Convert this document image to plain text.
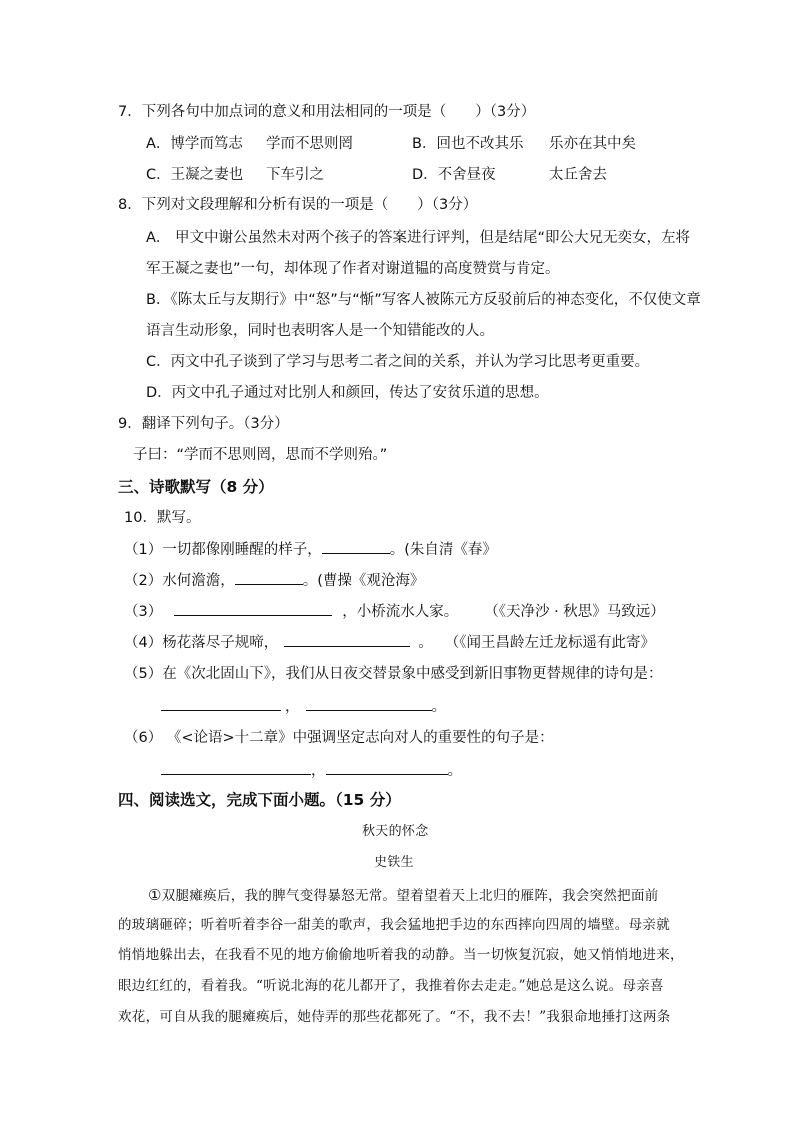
7．下列各句中加点词的意义和用法相同的一项是（　　）（3分）
A．博学而笃志 学而不思则罔	B．回也不改其乐 乐亦在其中矣
C．王凝之妻也 下车引之	D．不舍昼夜	太丘舍去
8．下列对文段理解和分析有误的一项是（　　）（3分）
A． 甲文中谢公虽然未对两个孩子的答案进行评判，但是结尾“即公大兄无奕女，左将
军王凝之妻也”一句，却体现了作者对谢道韫的高度赞赏与肯定。
B．《陈太丘与友期行》中“怒”与“惭”写客人被陈元方反驳前后的神态变化，不仅使文章
语言生动形象，同时也表明客人是一个知错能改的人。
C．丙文中孔子谈到了学习与思考二者之间的关系，并认为学习比思考更重要。
D．丙文中孔子通过对比别人和颜回，传达了安贫乐道的思想。
9．翻译下列句子。（3分）
子曰：“学而不思则罔，思而不学则殆。”
三、诗歌默写（8 分）
10．默写。
（1）一切都像刚睡醒的样子，	。(朱自清《春》
（2）水何澹澹，	。(曹操《观沧海》
（3）	，小桥流水人家。 （《天净沙 · 秋思》马致远）
（4）杨花落尽子规啼，	。 （《闻王昌龄左迁龙标遥有此寄》
（5）在《次北固山下》，我们从日夜交替景象中感受到新旧事物更替规律的诗句是：
，	。
（6） 《<论语>十二章》中强调坚定志向对人的重要性的句子是：
，	。
四、阅读选文，完成下面小题。（15 分）
秋天的怀念
史铁生
①双腿瘫痪后，我的脾气变得暴怒无常。望着望着天上北归的雁阵，我会突然把面前
的玻璃砸碎；听着听着李谷一甜美的歌声，我会猛地把手边的东西摔向四周的墙壁。母亲就
悄悄地躲出去，在我看不见的地方偷偷地听着我的动静。当一切恢复沉寂，她又悄悄地进来，
眼边红红的，看着我。“听说北海的花儿都开了，我推着你去走走。”她总是这么说。母亲喜
欢花，可自从我的腿瘫痪后，她侍弄的那些花都死了。“不，我不去！”我狠命地捶打这两条
